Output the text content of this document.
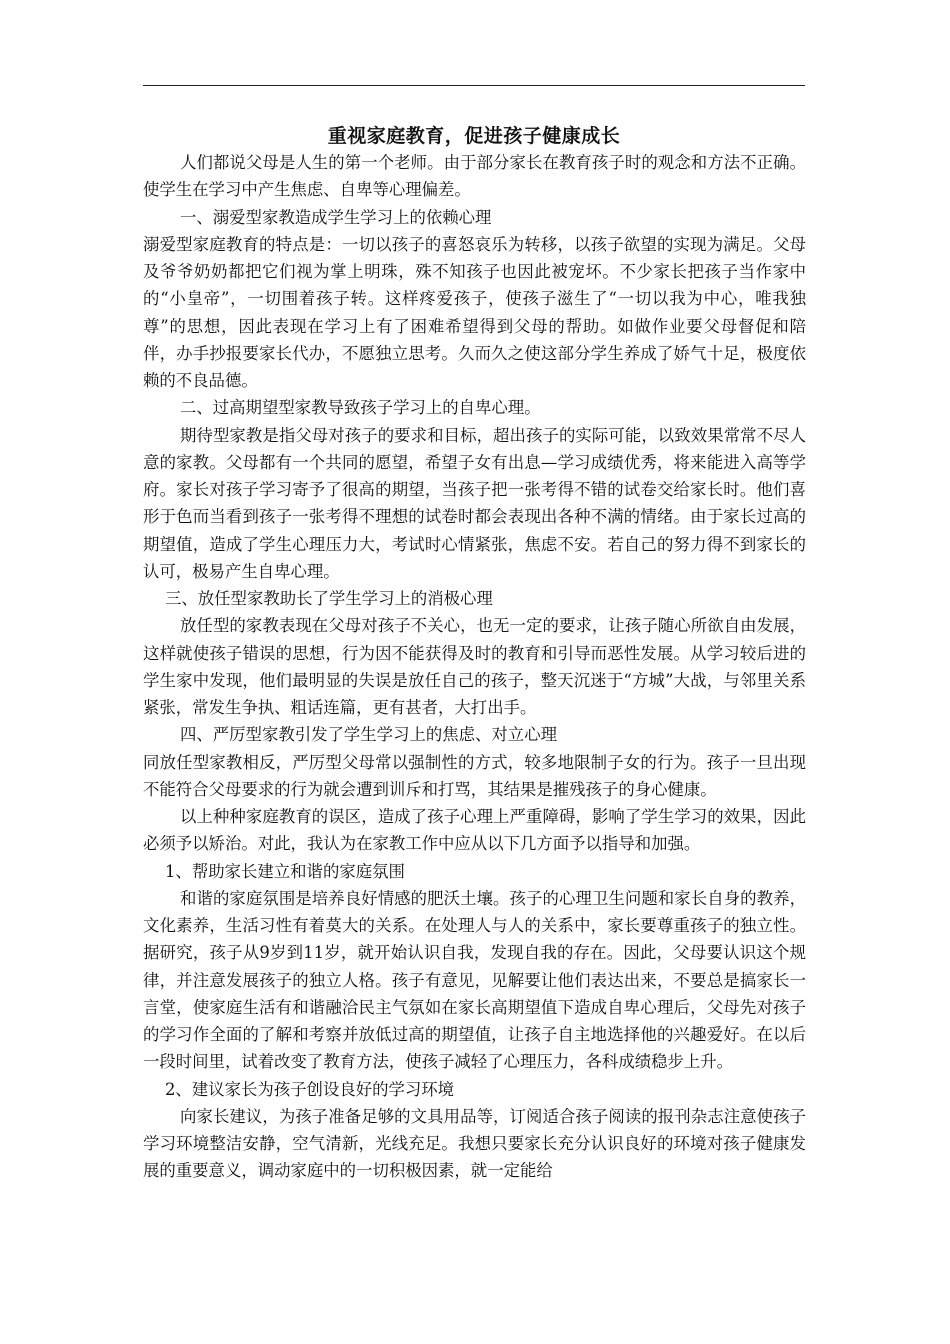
重视家庭教育，促进孩子健康成长

人们都说父母是人生的第一个老师。由于部分家长在教育孩子时的观念和方法不正确。使学生在学习中产生焦虑、自卑等心理偏差。

一、溺爱型家教造成学生学习上的依赖心理

溺爱型家庭教育的特点是：一切以孩子的喜怒哀乐为转移，以孩子欲望的实现为满足。父母及爷爷奶奶都把它们视为掌上明珠，殊不知孩子也因此被宠坏。不少家长把孩子当作家中的“小皇帝”，一切围着孩子转。这样疼爱孩子，使孩子滋生了“一切以我为中心，唯我独尊”的思想，因此表现在学习上有了困难希望得到父母的帮助。如做作业要父母督促和陪伴，办手抄报要家长代办，不愿独立思考。久而久之使这部分学生养成了娇气十足，极度依赖的不良品德。

二、过高期望型家教导致孩子学习上的自卑心理。

期待型家教是指父母对孩子的要求和目标，超出孩子的实际可能，以致效果常常不尽人意的家教。父母都有一个共同的愿望，希望子女有出息—学习成绩优秀，将来能进入高等学府。家长对孩子学习寄予了很高的期望，当孩子把一张考得不错的试卷交给家长时。他们喜形于色而当看到孩子一张考得不理想的试卷时都会表现出各种不满的情绪。由于家长过高的期望值，造成了学生心理压力大，考试时心情紧张，焦虑不安。若自己的努力得不到家长的认可，极易产生自卑心理。

三、放任型家教助长了学生学习上的消极心理

放任型的家教表现在父母对孩子不关心，也无一定的要求，让孩子随心所欲自由发展，这样就使孩子错误的思想，行为因不能获得及时的教育和引导而恶性发展。从学习较后进的学生家中发现，他们最明显的失误是放任自己的孩子，整天沉迷于“方城”大战，与邻里关系紧张，常发生争执、粗话连篇，更有甚者，大打出手。

四、严厉型家教引发了学生学习上的焦虑、对立心理

同放任型家教相反，严厉型父母常以强制性的方式，较多地限制子女的行为。孩子一旦出现不能符合父母要求的行为就会遭到训斥和打骂，其结果是摧残孩子的身心健康。

以上种种家庭教育的误区，造成了孩子心理上严重障碍，影响了学生学习的效果，因此必须予以矫治。对此，我认为在家教工作中应从以下几方面予以指导和加强。

1、帮助家长建立和谐的家庭氛围

和谐的家庭氛围是培养良好情感的肥沃土壤。孩子的心理卫生问题和家长自身的教养，文化素养，生活习性有着莫大的关系。在处理人与人的关系中，家长要尊重孩子的独立性。据研究，孩子从9岁到11岁，就开始认识自我，发现自我的存在。因此，父母要认识这个规律，并注意发展孩子的独立人格。孩子有意见，见解要让他们表达出来，不要总是搞家长一言堂，使家庭生活有和谐融洽民主气氛如在家长高期望值下造成自卑心理后，父母先对孩子的学习作全面的了解和考察并放低过高的期望值，让孩子自主地选择他的兴趣爱好。在以后一段时间里，试着改变了教育方法，使孩子减轻了心理压力，各科成绩稳步上升。

2、建议家长为孩子创设良好的学习环境

向家长建议，为孩子准备足够的文具用品等，订阅适合孩子阅读的报刊杂志注意使孩子学习环境整洁安静，空气清新，光线充足。我想只要家长充分认识良好的环境对孩子健康发展的重要意义，调动家庭中的一切积极因素，就一定能给
